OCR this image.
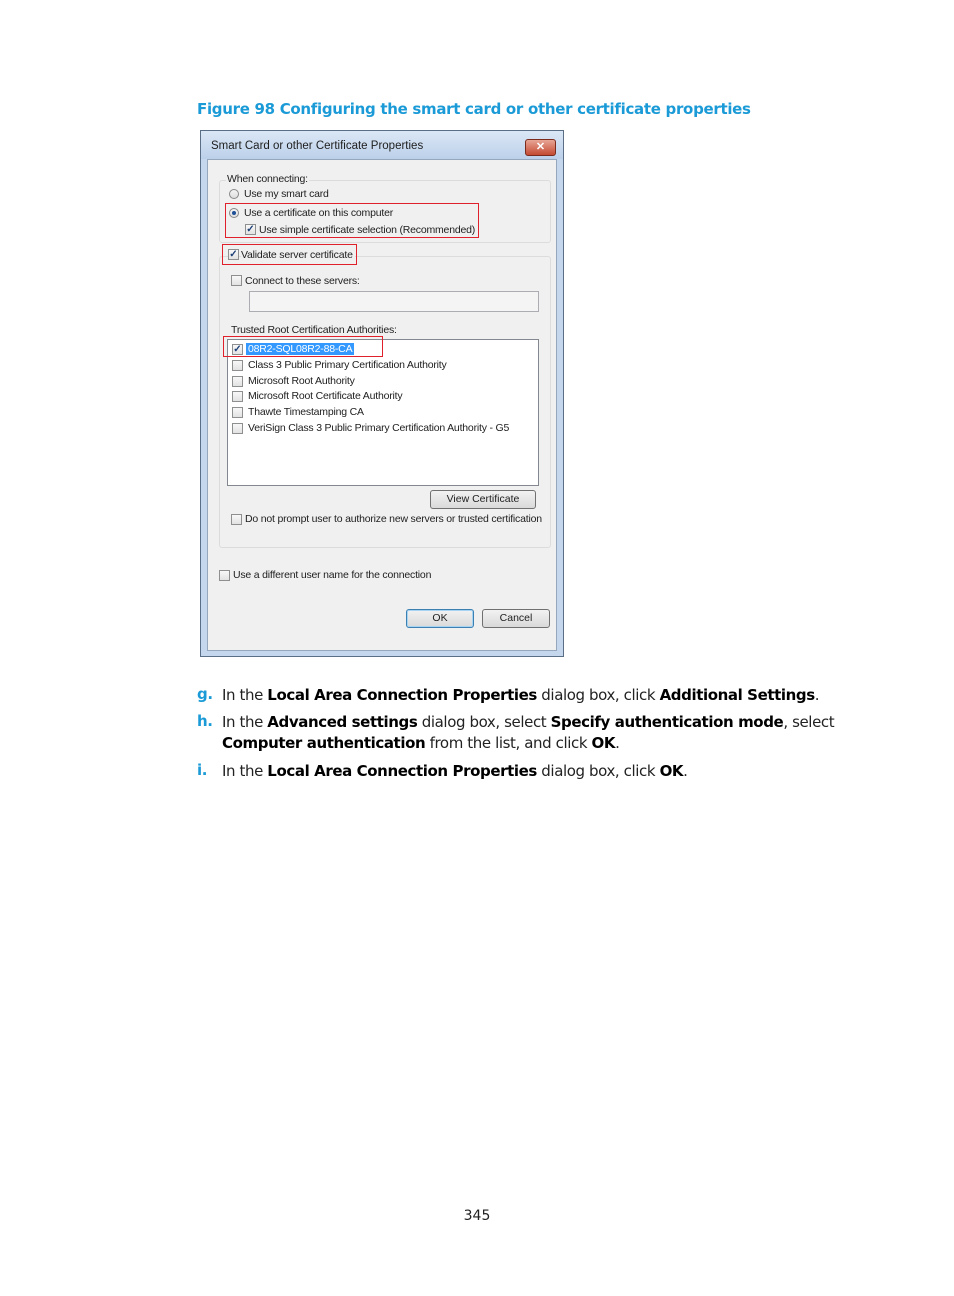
Figure 98 Configuring the smart card or other certificate properties
Smart Card or other Certificate Properties	✕
When connecting:
Use my smart card
Use a certificate on this computer
✓ Use simple certificate selection (Recommended)
✓ Validate server certificate
Connect to these servers:
Trusted Root Certification Authorities:
✓ 08R2-SQL08R2-88-CA
Class 3 Public Primary Certification Authority
Microsoft Root Authority
Microsoft Root Certificate Authority
Thawte Timestamping CA
VeriSign Class 3 Public Primary Certification Authority - G5
View Certificate
Do not prompt user to authorize new servers or trusted certification
Use a different user name for the connection
OK	Cancel
g. In the Local Area Connection Properties dialog box, click Additional Settings.
h. In the Advanced settings dialog box, select Specify authentication mode, select Computer authentication from the list, and click OK.
i. In the Local Area Connection Properties dialog box, click OK.
345
